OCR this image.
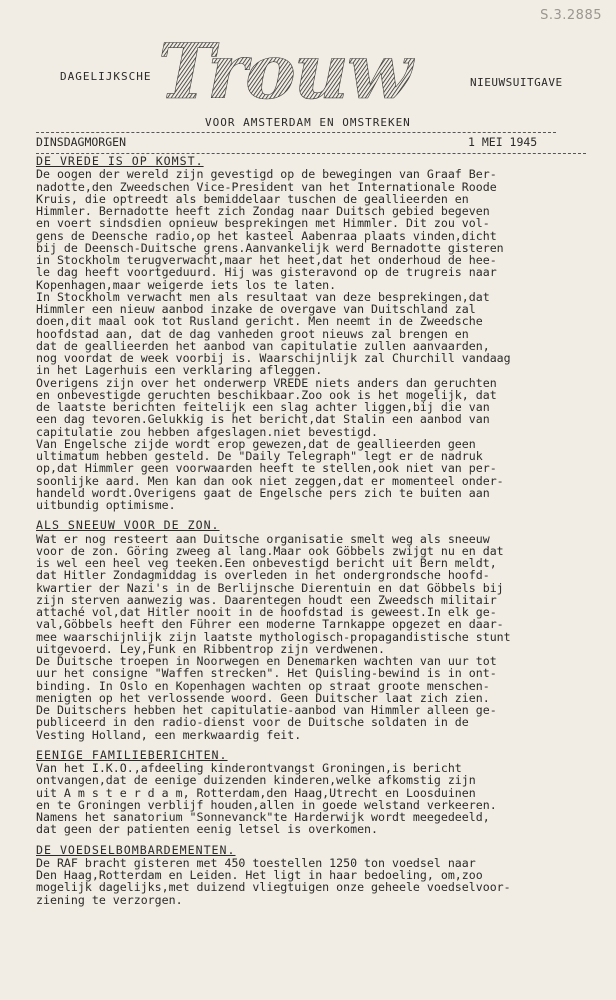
S.3.2885
DAGELIJKSCHE Trouw	NIEUWSUITGAVE
VOOR AMSTERDAM EN OMSTREKEN
DINSDAGMORGEN	1 MEI 1945
DE VREDE IS OP KOMST.
De oogen der wereld zijn gevestigd op de bewegingen van Graaf Ber-
nadotte,den Zweedschen Vice-President van het Internationale Roode
Kruis, die optreedt als bemiddelaar tuschen de geallieerden en
Himmler. Bernadotte heeft zich Zondag naar Duitsch gebied begeven
en voert sindsdien opnieuw besprekingen met Himmler. Dit zou vol-
gens de Deensche radio,op het kasteel Aabenraa plaats vinden,dicht
bij de Deensch-Duitsche grens.Aanvankelijk werd Bernadotte gisteren
in Stockholm terugverwacht,maar het heet,dat het onderhoud de hee-
le dag heeft voortgeduurd. Hij was gisteravond op de trugreis naar
Kopenhagen,maar weigerde iets los te laten.
In Stockholm verwacht men als resultaat van deze besprekingen,dat
Himmler een nieuw aanbod inzake de overgave van Duitschland zal
doen,dit maal ook tot Rusland gericht. Men neemt in de Zweedsche
hoofdstad aan, dat de dag vanheden groot nieuws zal brengen en
dat de geallieerden het aanbod van capitulatie zullen aanvaarden,
nog voordat de week voorbij is. Waarschijnlijk zal Churchill vandaag
in het Lagerhuis een verklaring afleggen.
Overigens zijn over het onderwerp VREDE niets anders dan geruchten
en onbevestigde geruchten beschikbaar.Zoo ook is het mogelijk, dat
de laatste berichten feitelijk een slag achter liggen,bij die van
een dag tevoren.Gelukkig is het bericht,dat Stalin een aanbod van
capitulatie zou hebben afgeslagen.niet bevestigd.
Van Engelsche zijde wordt erop gewezen,dat de geallieerden geen
ultimatum hebben gesteld. De "Daily Telegraph" legt er de nadruk
op,dat Himmler geen voorwaarden heeft te stellen,ook niet van per-
soonlijke aard. Men kan dan ook niet zeggen,dat er momenteel onder-
handeld wordt.Overigens gaat de Engelsche pers zich te buiten aan
uitbundig optimisme.
ALS SNEEUW VOOR DE ZON.
Wat er nog resteert aan Duitsche organisatie smelt weg als sneeuw
voor de zon. Göring zweeg al lang.Maar ook Göbbels zwijgt nu en dat
is wel een heel veg teeken.Een onbevestigd bericht uit Bern meldt,
dat Hitler Zondagmiddag is overleden in het ondergrondsche hoofd-
kwartier der Nazi's in de Berlijnsche Dierentuin en dat Göbbels bij
zijn sterven aanwezig was. Daarentegen houdt een Zweedsch militair
attaché vol,dat Hitler nooit in de hoofdstad is geweest.In elk ge-
val,Göbbels heeft den Führer een moderne Tarnkappe opgezet en daar-
mee waarschijnlijk zijn laatste mythologisch-propagandistische stunt
uitgevoerd. Ley,Funk en Ribbentrop zijn verdwenen.
De Duitsche troepen in Noorwegen en Denemarken wachten van uur tot
uur het consigne "Waffen strecken". Het Quisling-bewind is in ont-
binding. In Oslo en Kopenhagen wachten op straat groote menschen-
menigten op het verlossende woord. Geen Duitscher laat zich zien.
De Duitschers hebben het capitulatie-aanbod van Himmler alleen ge-
publiceerd in den radio-dienst voor de Duitsche soldaten in de
Vesting Holland, een merkwaardig feit.
EENIGE FAMILIEBERICHTEN.
Van het I.K.O.,afdeeling kinderontvangst Groningen,is bericht
ontvangen,dat de eenige duizenden kinderen,welke afkomstig zijn
uit A m s t e r d a m, Rotterdam,den Haag,Utrecht en Loosduinen
en te Groningen verblijf houden,allen in goede welstand verkeeren.
Namens het sanatorium "Sonnevanck"te Harderwijk wordt meegedeeld,
dat geen der patienten eenig letsel is overkomen.
DE VOEDSELBOMBARDEMENTEN.
De RAF bracht gisteren met 450 toestellen 1250 ton voedsel naar
Den Haag,Rotterdam en Leiden. Het ligt in haar bedoeling, om,zoo
mogelijk dagelijks,met duizend vliegtuigen onze geheele voedselvoor-
ziening te verzorgen.
